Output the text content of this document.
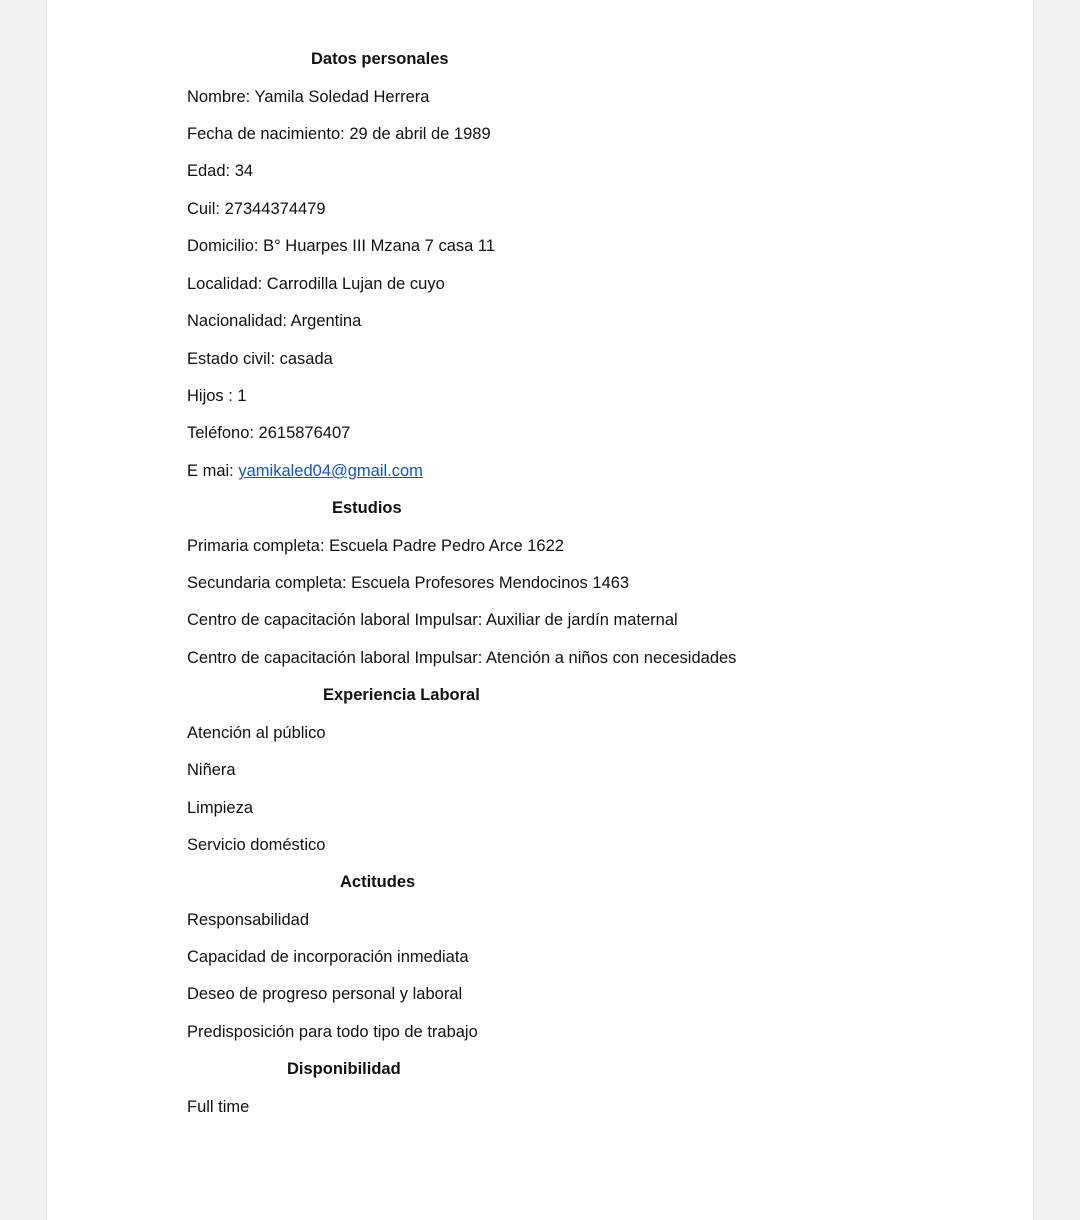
Datos personales
Nombre: Yamila Soledad Herrera
Fecha de nacimiento: 29 de abril de 1989
Edad: 34
Cuil: 27344374479
Domicilio: B° Huarpes III Mzana 7 casa 11
Localidad: Carrodilla Lujan de cuyo
Nacionalidad: Argentina
Estado civil: casada
Hijos : 1
Teléfono: 2615876407
E mai: yamikaled04@gmail.com
Estudios
Primaria completa: Escuela Padre Pedro Arce 1622
Secundaria completa: Escuela Profesores Mendocinos 1463
Centro de capacitación laboral Impulsar: Auxiliar de jardín maternal
Centro de capacitación laboral Impulsar: Atención a niños con necesidades
Experiencia Laboral
Atención al público
Niñera
Limpieza
Servicio doméstico
Actitudes
Responsabilidad
Capacidad de incorporación inmediata
Deseo de progreso personal y laboral
Predisposición para todo tipo de trabajo
Disponibilidad
Full time
